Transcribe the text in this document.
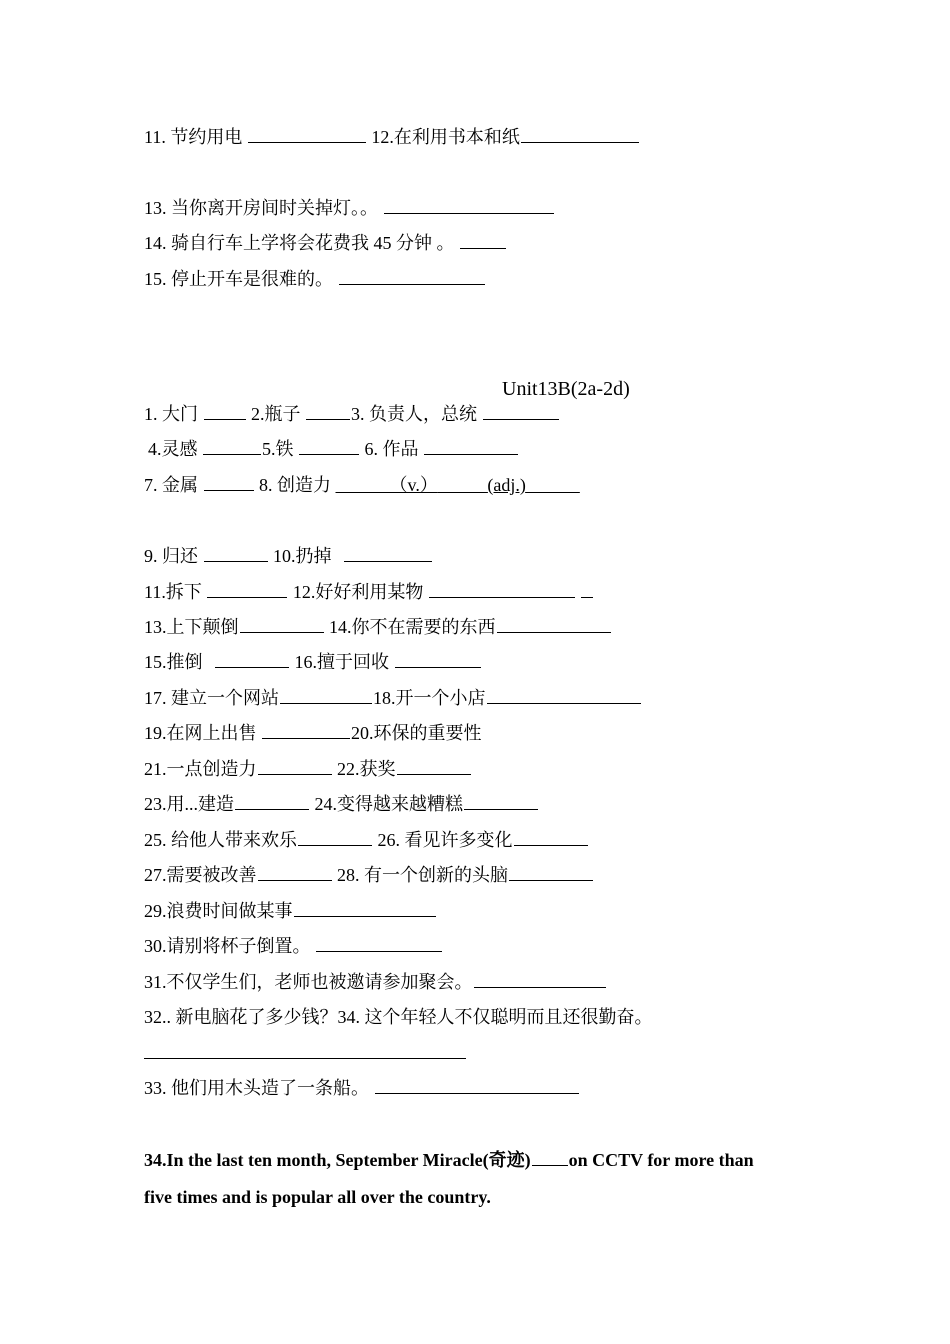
11. 节约用电	12.在利用书本和纸
13. 当你离开房间时关掉灯。。
14. 骑自行车上学将会花费我 45 分钟 。
15. 停止开车是很难的。
Unit13B(2a-2d)
1. 大门	2.瓶子	3. 负责人，总统
4.灵感	5.铁	6. 作品
7. 金属	8. 创造力	（v.）	(adj.)
9. 归还	10.扔掉
11.拆下	12.好好利用某物
13.上下颠倒	14.你不在需要的东西
15.推倒	16.擅于回收
17. 建立一个网站	18.开一个小店
19.在网上出售	20.环保的重要性
21.一点创造力	22.获奖
23.用...建造	24.变得越来越糟糕
25. 给他人带来欢乐	26. 看见许多变化
27.需要被改善	28. 有一个创新的头脑
29.浪费时间做某事
30.请别将杯子倒置。
31.不仅学生们，老师也被邀请参加聚会。
32.. 新电脑花了多少钱？34. 这个年轻人不仅聪明而且还很勤奋。
33. 他们用木头造了一条船。
34.In the last ten month, September Miracle(奇迹) on CCTV for more than
five times and is popular all over the country.
